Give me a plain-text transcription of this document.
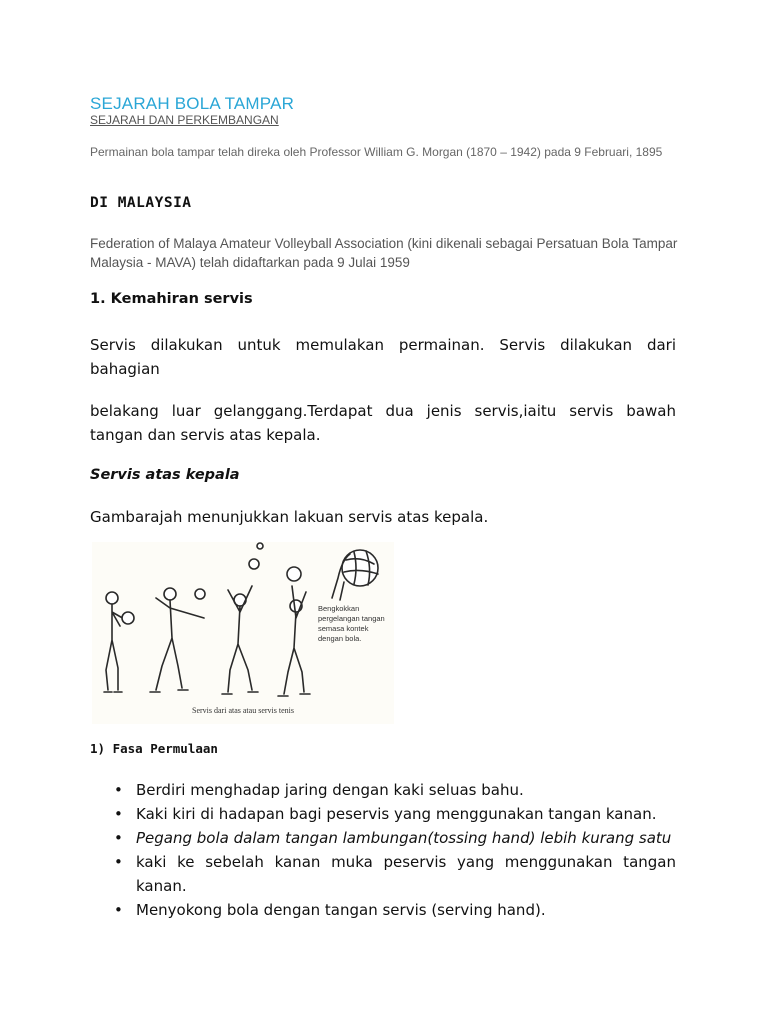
SEJARAH BOLA TAMPAR
SEJARAH DAN PERKEMBANGAN
Permainan bola tampar telah direka oleh Professor William G. Morgan (1870 – 1942) pada 9 Februari, 1895
DI MALAYSIA
Federation of Malaya Amateur Volleyball Association (kini dikenali sebagai Persatuan Bola Tampar Malaysia - MAVA) telah didaftarkan pada 9 Julai 1959
1. Kemahiran servis
Servis dilakukan untuk memulakan permainan. Servis dilakukan dari bahagian
belakang luar gelanggang.Terdapat dua jenis servis,iaitu servis bawah tangan dan servis atas kepala.
Servis atas kepala
Gambarajah menunjukkan lakuan servis atas kepala.
Bengkokkan pergelangan tangan semasa kontek dengan bola.
Servis dari atas atau servis tenis
1) Fasa Permulaan
• Berdiri menghadap jaring dengan kaki seluas bahu.
• Kaki kiri di hadapan bagi peservis yang menggunakan tangan kanan.
• Pegang bola dalam tangan lambungan(tossing hand) lebih kurang satu
• kaki ke sebelah kanan muka peservis yang menggunakan tangan kanan.
• Menyokong bola dengan tangan servis (serving hand).
